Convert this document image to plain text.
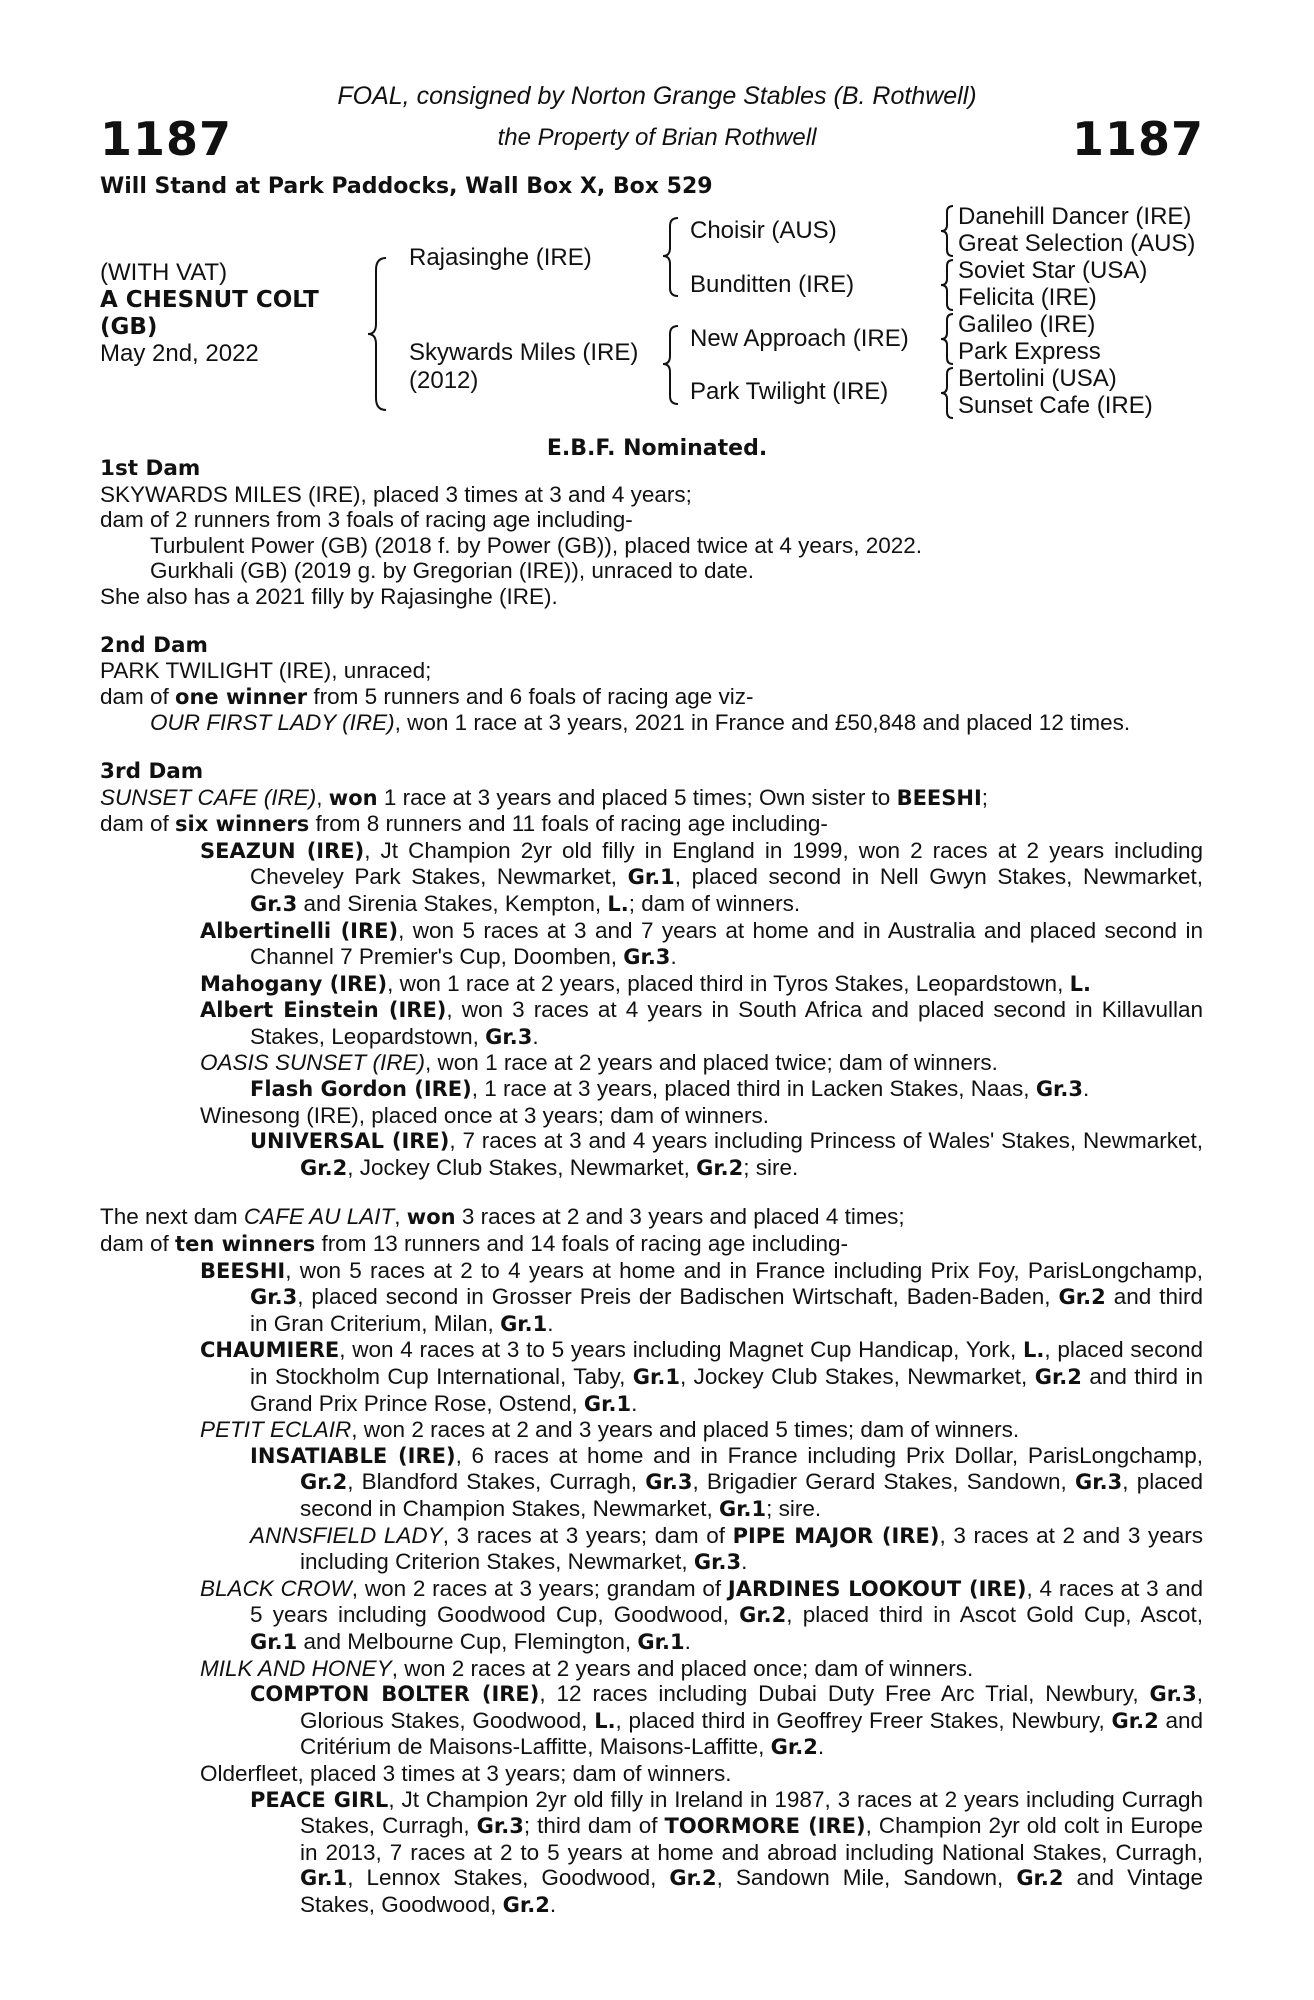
FOAL, consigned by Norton Grange Stables (B. Rothwell)
the Property of Brian Rothwell
1187	1187
Will Stand at Park Paddocks, Wall Box X, Box 529
(WITH VAT)
A CHESNUT COLT
(GB)
May 2nd, 2022
Rajasinghe (IRE)
Skywards Miles (IRE)
(2012)
Choisir (AUS)
Bunditten (IRE)
New Approach (IRE)
Park Twilight (IRE)
Danehill Dancer (IRE)
Great Selection (AUS)
Soviet Star (USA)
Felicita (IRE)
Galileo (IRE)
Park Express
Bertolini (USA)
Sunset Cafe (IRE)
E.B.F. Nominated.

1st Dam

SKYWARDS MILES (IRE), placed 3 times at 3 and 4 years;

dam of 2 runners from 3 foals of racing age including-

Turbulent Power (GB) (2018 f. by Power (GB)), placed twice at 4 years, 2022.

Gurkhali (GB) (2019 g. by Gregorian (IRE)), unraced to date.

She also has a 2021 filly by Rajasinghe (IRE).

2nd Dam

PARK TWILIGHT (IRE), unraced;

dam of one winner from 5 runners and 6 foals of racing age viz-

OUR FIRST LADY (IRE), won 1 race at 3 years, 2021 in France and £50,848 and placed 12 times.

3rd Dam

SUNSET CAFE (IRE), won 1 race at 3 years and placed 5 times; Own sister to BEESHI;

dam of six winners from 8 runners and 11 foals of racing age including-

SEAZUN (IRE), Jt Champion 2yr old filly in England in 1999, won 2 races at 2 years including Cheveley Park Stakes, Newmarket, Gr.1, placed second in Nell Gwyn Stakes, Newmarket, Gr.3 and Sirenia Stakes, Kempton, L.; dam of winners.

Albertinelli (IRE), won 5 races at 3 and 7 years at home and in Australia and placed second in Channel 7 Premier's Cup, Doomben, Gr.3.

Mahogany (IRE), won 1 race at 2 years, placed third in Tyros Stakes, Leopardstown, L.

Albert Einstein (IRE), won 3 races at 4 years in South Africa and placed second in Killavullan Stakes, Leopardstown, Gr.3.

OASIS SUNSET (IRE), won 1 race at 2 years and placed twice; dam of winners.

Flash Gordon (IRE), 1 race at 3 years, placed third in Lacken Stakes, Naas, Gr.3.

Winesong (IRE), placed once at 3 years; dam of winners.

UNIVERSAL (IRE), 7 races at 3 and 4 years including Princess of Wales' Stakes, Newmarket, Gr.2, Jockey Club Stakes, Newmarket, Gr.2; sire.

The next dam CAFE AU LAIT, won 3 races at 2 and 3 years and placed 4 times;

dam of ten winners from 13 runners and 14 foals of racing age including-

BEESHI, won 5 races at 2 to 4 years at home and in France including Prix Foy, ParisLongchamp, Gr.3, placed second in Grosser Preis der Badischen Wirtschaft, Baden-Baden, Gr.2 and third in Gran Criterium, Milan, Gr.1.

CHAUMIERE, won 4 races at 3 to 5 years including Magnet Cup Handicap, York, L., placed second in Stockholm Cup International, Taby, Gr.1, Jockey Club Stakes, Newmarket, Gr.2 and third in Grand Prix Prince Rose, Ostend, Gr.1.

PETIT ECLAIR, won 2 races at 2 and 3 years and placed 5 times; dam of winners.

INSATIABLE (IRE), 6 races at home and in France including Prix Dollar, ParisLongchamp, Gr.2, Blandford Stakes, Curragh, Gr.3, Brigadier Gerard Stakes, Sandown, Gr.3, placed second in Champion Stakes, Newmarket, Gr.1; sire.

ANNSFIELD LADY, 3 races at 3 years; dam of PIPE MAJOR (IRE), 3 races at 2 and 3 years including Criterion Stakes, Newmarket, Gr.3.

BLACK CROW, won 2 races at 3 years; grandam of JARDINES LOOKOUT (IRE), 4 races at 3 and 5 years including Goodwood Cup, Goodwood, Gr.2, placed third in Ascot Gold Cup, Ascot, Gr.1 and Melbourne Cup, Flemington, Gr.1.

MILK AND HONEY, won 2 races at 2 years and placed once; dam of winners.

COMPTON BOLTER (IRE), 12 races including Dubai Duty Free Arc Trial, Newbury, Gr.3, Glorious Stakes, Goodwood, L., placed third in Geoffrey Freer Stakes, Newbury, Gr.2 and Critérium de Maisons-Laffitte, Maisons-Laffitte, Gr.2.

Olderfleet, placed 3 times at 3 years; dam of winners.

PEACE GIRL, Jt Champion 2yr old filly in Ireland in 1987, 3 races at 2 years including Curragh Stakes, Curragh, Gr.3; third dam of TOORMORE (IRE), Champion 2yr old colt in Europe in 2013, 7 races at 2 to 5 years at home and abroad including National Stakes, Curragh, Gr.1, Lennox Stakes, Goodwood, Gr.2, Sandown Mile, Sandown, Gr.2 and Vintage Stakes, Goodwood, Gr.2.
